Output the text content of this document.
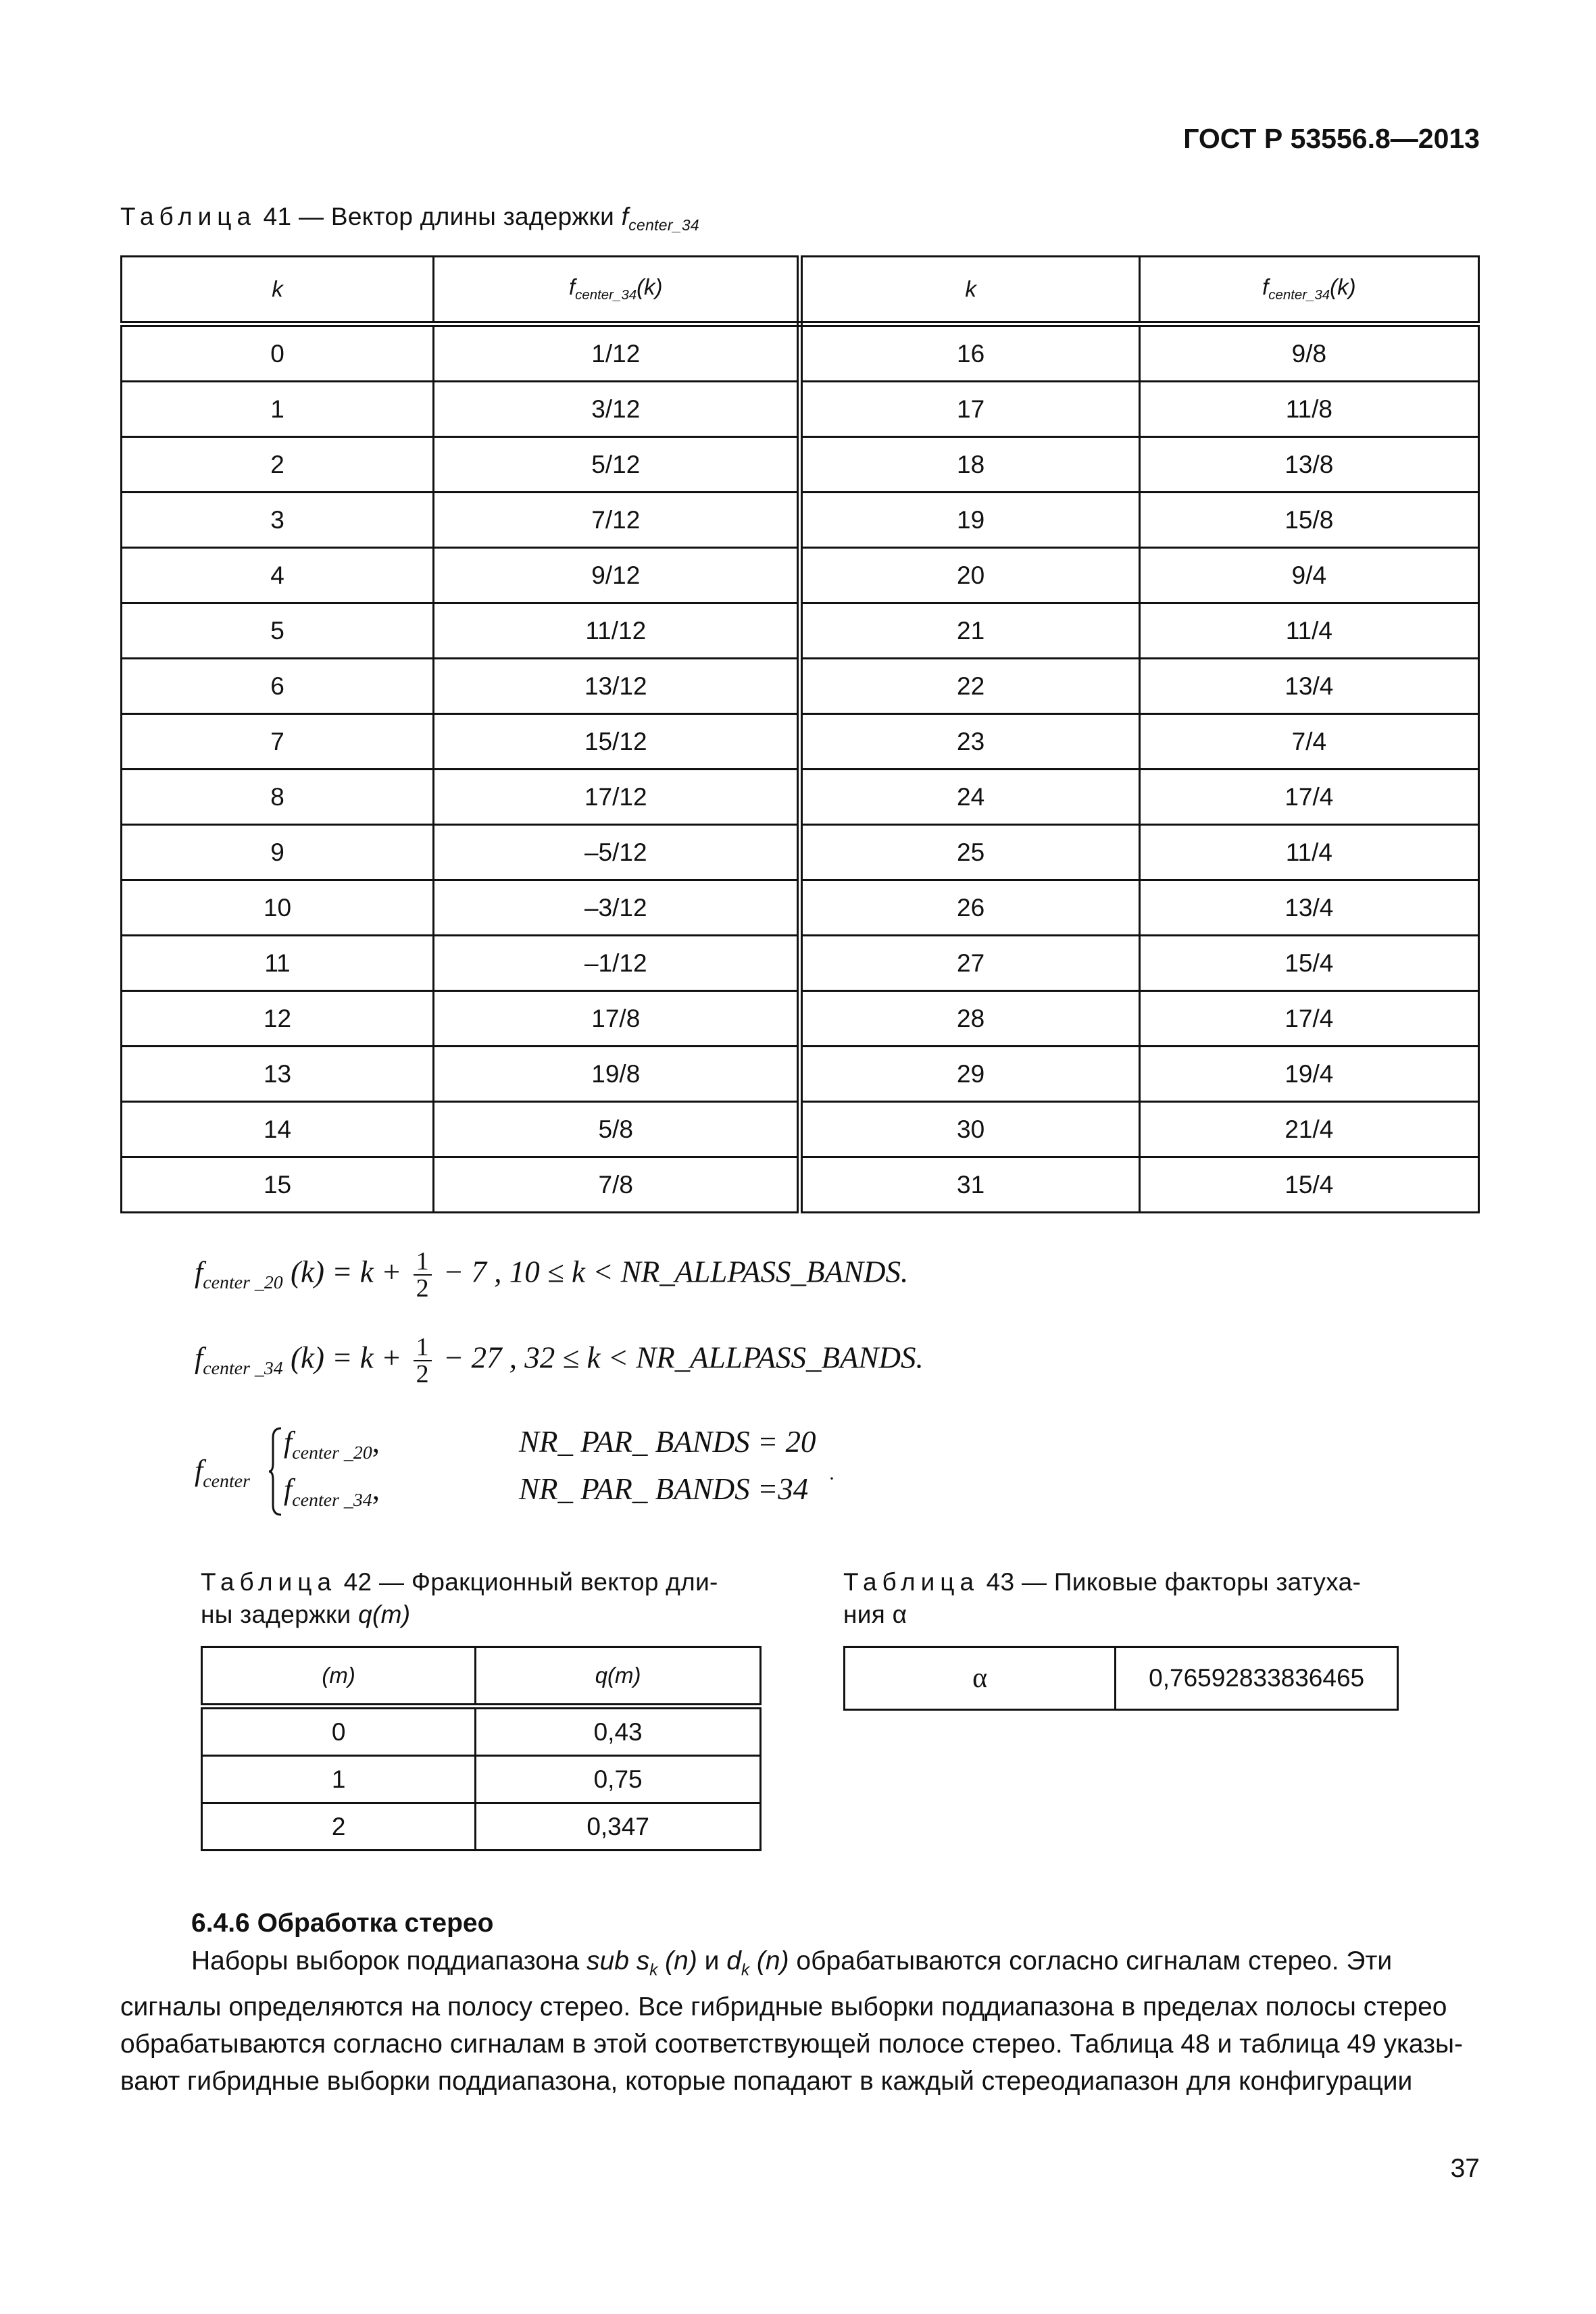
ГОСТ Р 53556.8—2013
Таблица 41 — Вектор длины задержки $f_{center\_34}$
k	$f_{center\_34}(k)$	k	$f_{center\_34}(k)$
0	1/12	16	9/8
1	3/12	17	11/8
2	5/12	18	13/8
3	7/12	19	15/8
4	9/12	20	9/4
5	11/12	21	11/4
6	13/12	22	13/4
7	15/12	23	7/4
8	17/12	24	17/4
9	–5/12	25	11/4
10	–3/12	26	13/4
11	–1/12	27	15/4
12	17/8	28	17/4
13	19/8	29	19/4
14	5/8	30	21/4
15	7/8	31	15/4
$f_{center \_20}$ $(k) = k + \frac{1}{2} - 7$ , 10 ≤ k < NR_ALLPASS_BANDS.
$f_{center \_34}$ $(k) = k + \frac{1}{2} - 27$ , 32 ≤ k < NR_ALLPASS_BANDS.
$f_{center}$
$f_{center \_20}$,	NR_ PAR_ BANDS = 20
$f_{center \_34}$,	NR_ PAR_ BANDS =34 ·
Таблица 42 — Фракционный вектор дли-
ны задержки q(m)
(m)	q(m)
0	0,43
1	0,75
2	0,347
Таблица 43 — Пиковые факторы затуха-
ния α
α	0,76592833836465
6.4.6 Обработка стерео
Наборы выборок поддиапазона sub $s_k$ (n) и $d_k$ (n) обрабатываются согласно сигналам стерео. Эти
сигналы определяются на полосу стерео. Все гибридные выборки поддиапазона в пределах полосы стерео
обрабатываются согласно сигналам в этой соответствующей полосе стерео. Таблица 48 и таблица 49 указы-
вают гибридные выборки поддиапазона, которые попадают в каждый стереодиапазон для конфигурации
37
